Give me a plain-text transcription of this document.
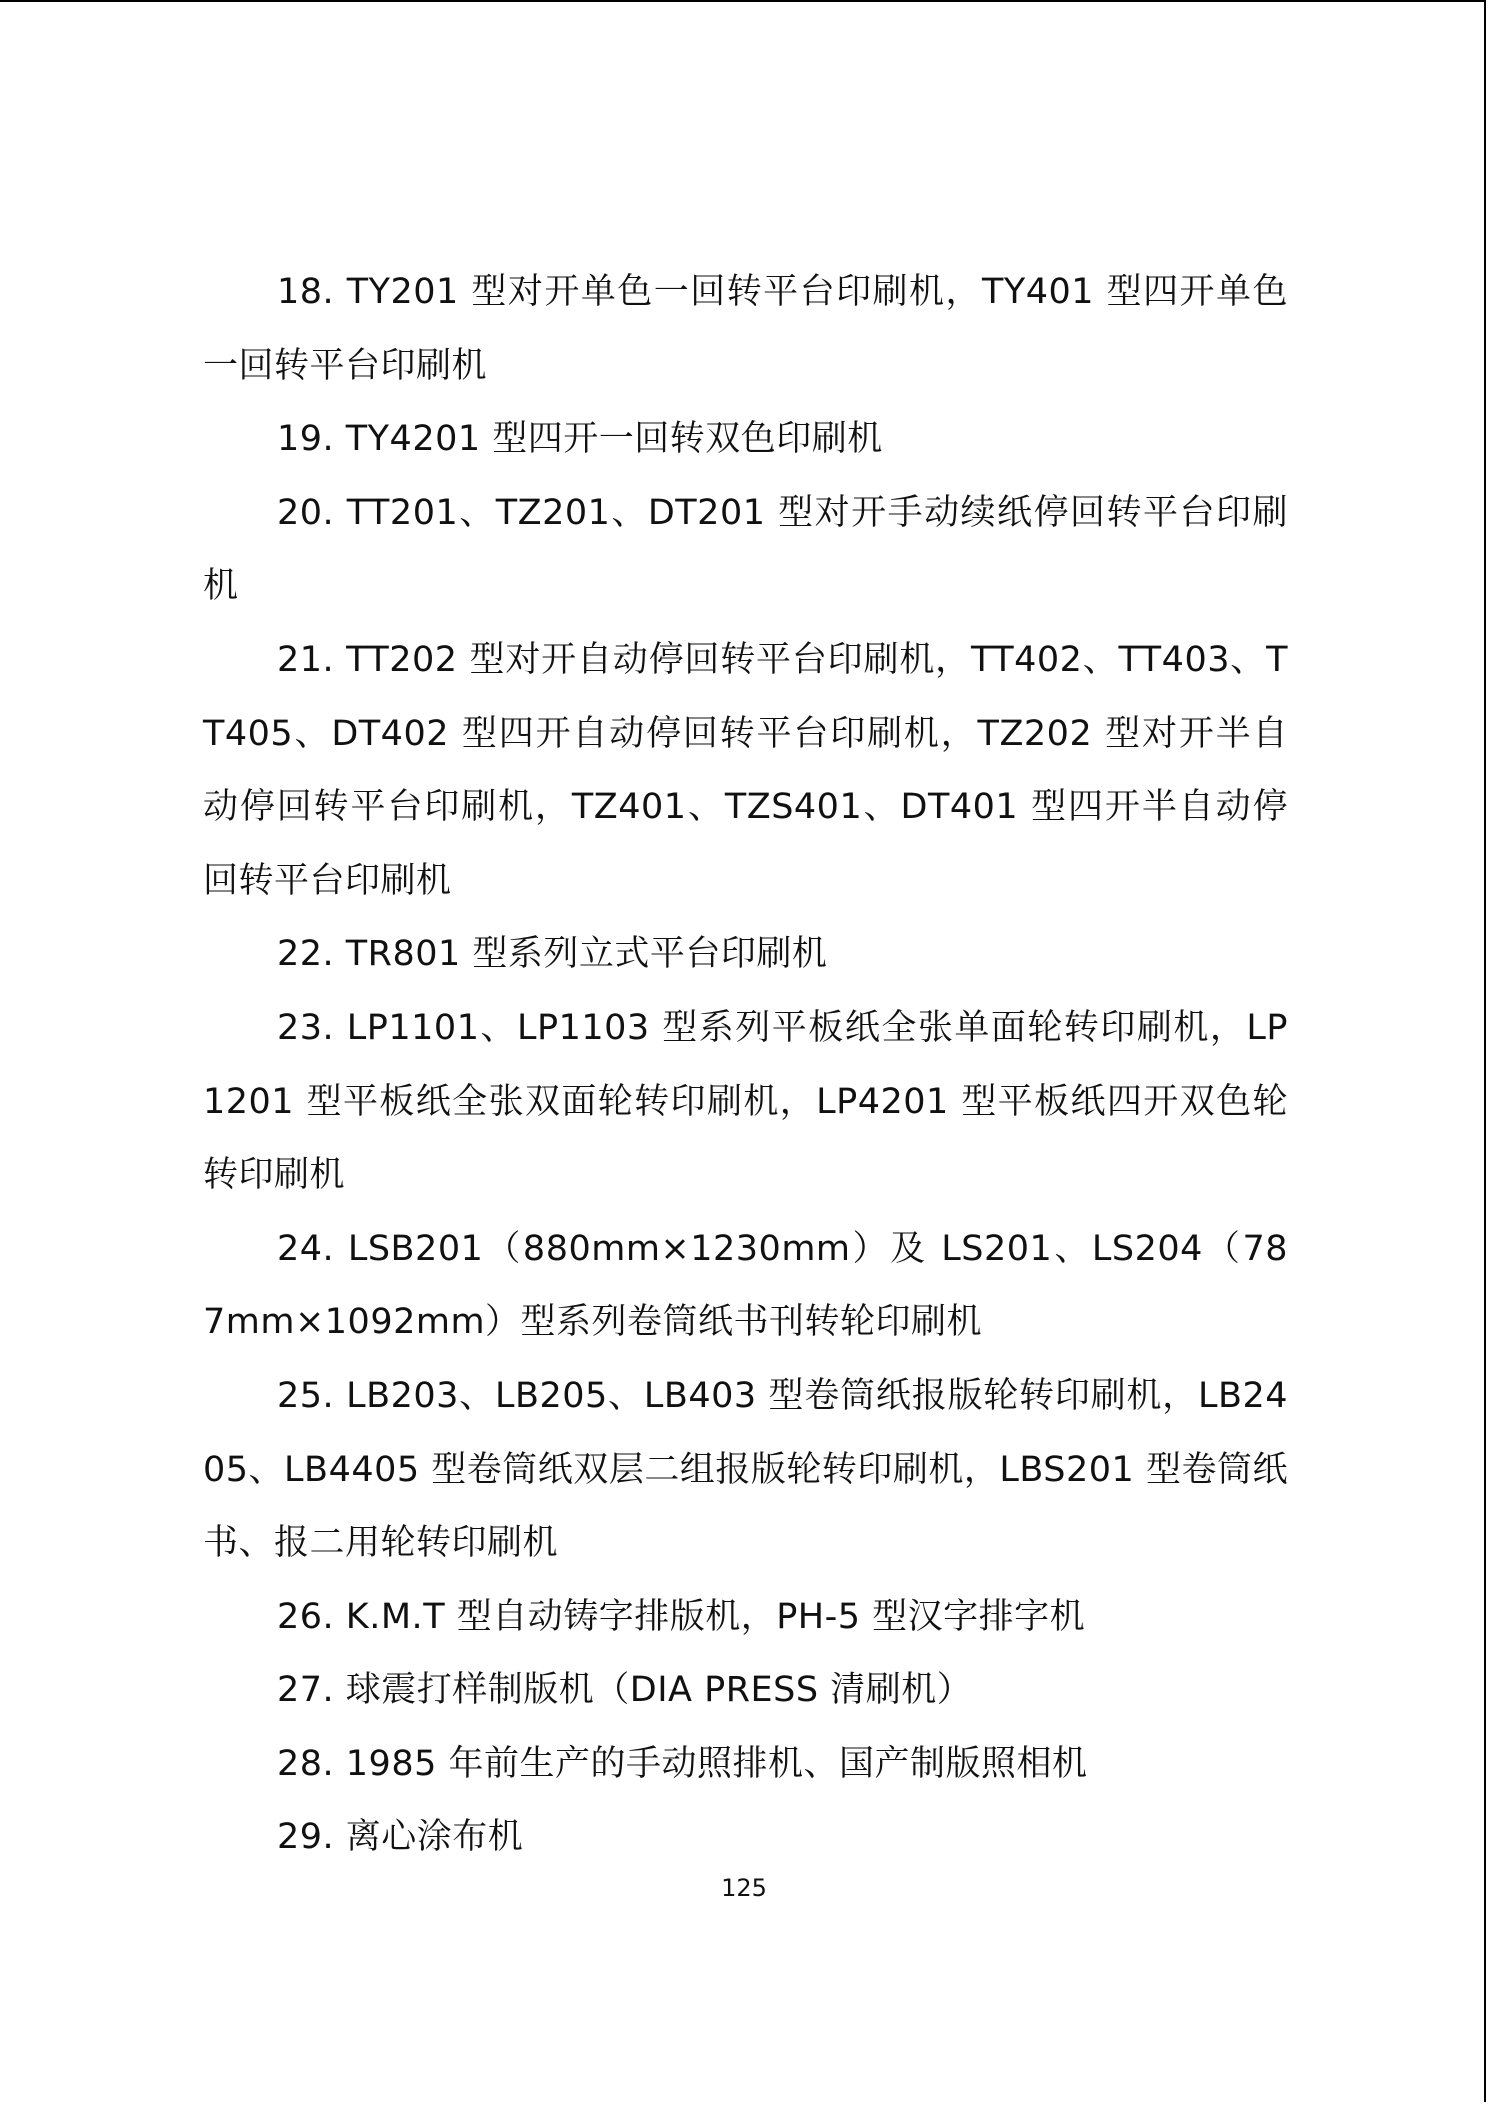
18. TY201 型对开单色一回转平台印刷机，TY401 型四开单色一回转平台印刷机

19. TY4201 型四开一回转双色印刷机

20. TT201、TZ201、DT201 型对开手动续纸停回转平台印刷机

21. TT202 型对开自动停回转平台印刷机，TT402、TT403、TT405、DT402 型四开自动停回转平台印刷机，TZ202 型对开半自动停回转平台印刷机，TZ401、TZS401、DT401 型四开半自动停回转平台印刷机

22. TR801 型系列立式平台印刷机

23. LP1101、LP1103 型系列平板纸全张单面轮转印刷机，LP1201 型平板纸全张双面轮转印刷机，LP4201 型平板纸四开双色轮转印刷机

24. LSB201（880mm×1230mm）及 LS201、LS204（787mm×1092mm）型系列卷筒纸书刊转轮印刷机

25. LB203、LB205、LB403 型卷筒纸报版轮转印刷机，LB2405、LB4405 型卷筒纸双层二组报版轮转印刷机，LBS201 型卷筒纸书、报二用轮转印刷机

26. K.M.T 型自动铸字排版机，PH-5 型汉字排字机

27. 球震打样制版机（DIA PRESS 清刷机）

28. 1985 年前生产的手动照排机、国产制版照相机

29. 离心涂布机

125
